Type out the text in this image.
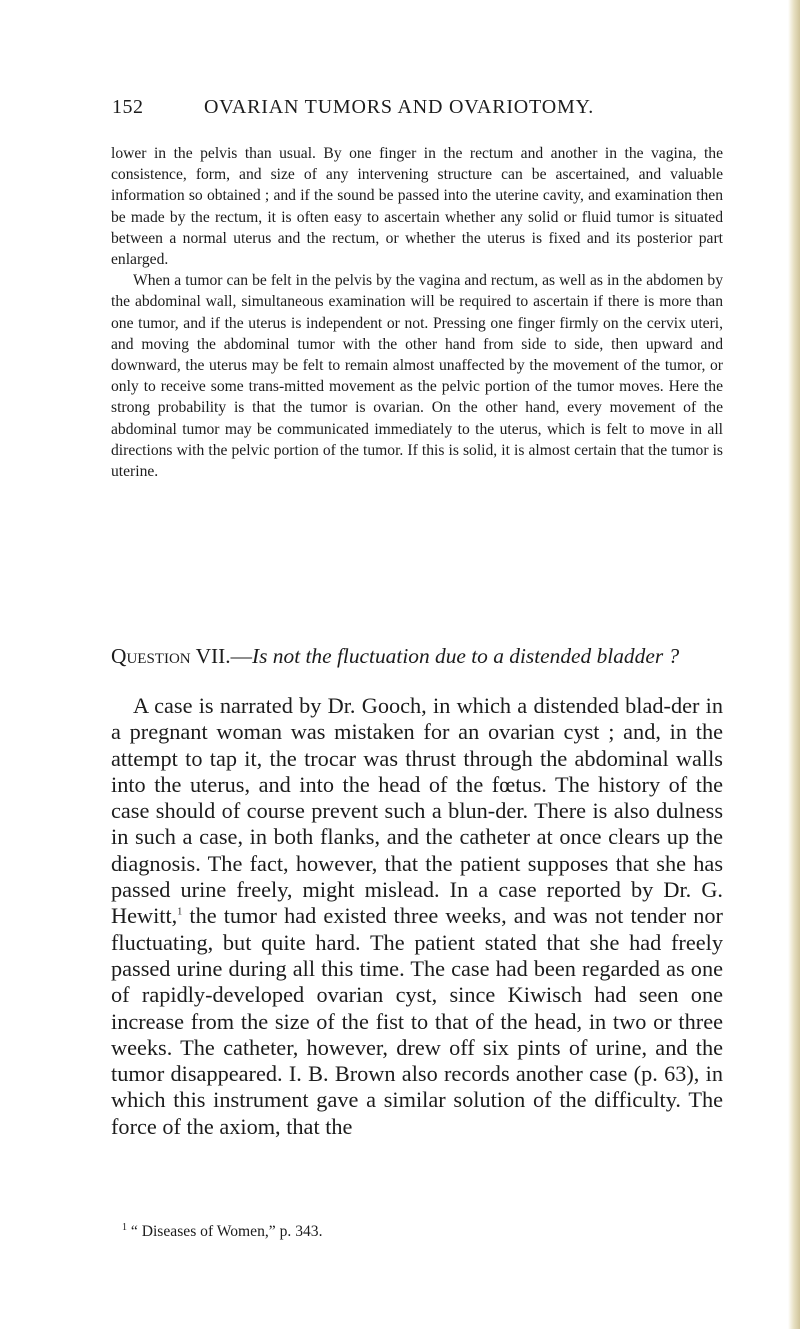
152	OVARIAN TUMORS AND OVARIOTOMY.

lower in the pelvis than usual. By one finger in the rectum and another in the vagina, the consistence, form, and size of any intervening structure can be ascertained, and valuable information so obtained ; and if the sound be passed into the uterine cavity, and examination then be made by the rectum, it is often easy to ascertain whether any solid or fluid tumor is situated between a normal uterus and the rectum, or whether the uterus is fixed and its posterior part enlarged.

When a tumor can be felt in the pelvis by the vagina and rectum, as well as in the abdomen by the abdominal wall, simultaneous examination will be required to ascertain if there is more than one tumor, and if the uterus is independent or not. Pressing one finger firmly on the cervix uteri, and moving the abdominal tumor with the other hand from side to side, then upward and downward, the uterus may be felt to remain almost unaffected by the movement of the tumor, or only to receive some trans-mitted movement as the pelvic portion of the tumor moves. Here the strong probability is that the tumor is ovarian. On the other hand, every movement of the abdominal tumor may be communicated immediately to the uterus, which is felt to move in all directions with the pelvic portion of the tumor. If this is solid, it is almost certain that the tumor is uterine.

Question VII.—Is not the fluctuation due to a distended bladder ?

A case is narrated by Dr. Gooch, in which a distended blad-der in a pregnant woman was mistaken for an ovarian cyst ; and, in the attempt to tap it, the trocar was thrust through the abdominal walls into the uterus, and into the head of the fœtus. The history of the case should of course prevent such a blun-der. There is also dulness in such a case, in both flanks, and the catheter at once clears up the diagnosis. The fact, however, that the patient supposes that she has passed urine freely, might mislead. In a case reported by Dr. G. Hewitt,$^1$ the tumor had existed three weeks, and was not tender nor fluctuating, but quite hard. The patient stated that she had freely passed urine during all this time. The case had been regarded as one of rapidly-developed ovarian cyst, since Kiwisch had seen one increase from the size of the fist to that of the head, in two or three weeks. The catheter, however, drew off six pints of urine, and the tumor disappeared. I. B. Brown also records another case (p. 63), in which this instrument gave a similar solution of the difficulty. The force of the axiom, that the

$^1$ “ Diseases of Women,” p. 343.
